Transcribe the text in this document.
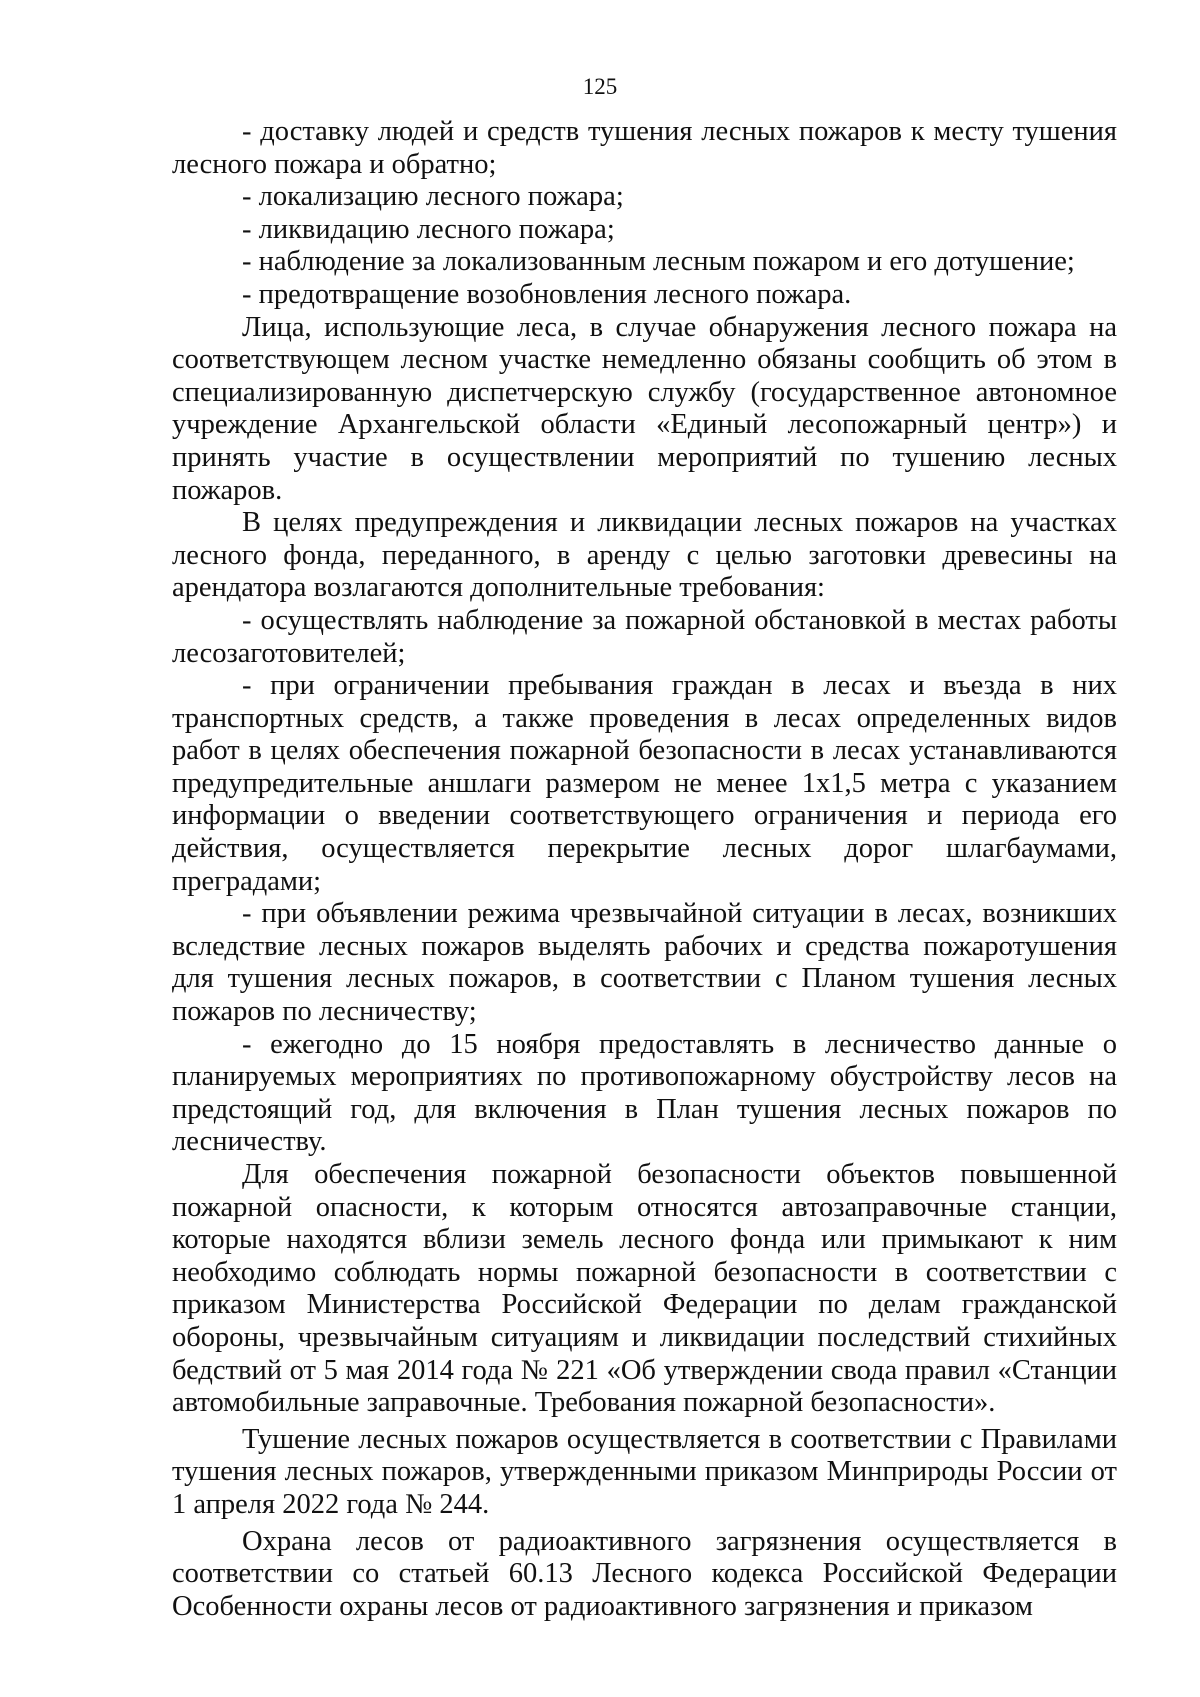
125

- доставку людей и средств тушения лесных пожаров к месту тушения лесного пожара и обратно;

- локализацию лесного пожара;

- ликвидацию лесного пожара;

- наблюдение за локализованным лесным пожаром и его дотушение;

- предотвращение возобновления лесного пожара.

Лица, использующие леса, в случае обнаружения лесного пожара на соответствующем лесном участке немедленно обязаны сообщить об этом в специализированную диспетчерскую службу (государственное автономное учреждение Архангельской области «Единый лесопожарный центр») и принять участие в осуществлении мероприятий по тушению лесных пожаров.

В целях предупреждения и ликвидации лесных пожаров на участках лесного фонда, переданного, в аренду с целью заготовки древесины на арендатора возлагаются дополнительные требования:

- осуществлять наблюдение за пожарной обстановкой в местах работы лесозаготовителей;

- при ограничении пребывания граждан в лесах и въезда в них транспортных средств, а также проведения в лесах определенных видов работ в целях обеспечения пожарной безопасности в лесах устанавливаются предупредительные аншлаги размером не менее 1х1,5 метра с указанием информации о введении соответствующего ограничения и периода его действия, осуществляется перекрытие лесных дорог шлагбаумами, преградами;

- при объявлении режима чрезвычайной ситуации в лесах, возникших вследствие лесных пожаров выделять рабочих и средства пожаротушения для тушения лесных пожаров, в соответствии с Планом тушения лесных пожаров по лесничеству;

- ежегодно до 15 ноября предоставлять в лесничество данные о планируемых мероприятиях по противопожарному обустройству лесов на предстоящий год, для включения в План тушения лесных пожаров по лесничеству.

Для обеспечения пожарной безопасности объектов повышенной пожарной опасности, к которым относятся автозаправочные станции, которые находятся вблизи земель лесного фонда или примыкают к ним необходимо соблюдать нормы пожарной безопасности в соответствии с приказом Министерства Российской Федерации по делам гражданской обороны, чрезвычайным ситуациям и ликвидации последствий стихийных бедствий от 5 мая 2014 года № 221 «Об утверждении свода правил «Станции автомобильные заправочные. Требования пожарной безопасности».

Тушение лесных пожаров осуществляется в соответствии с Правилами тушения лесных пожаров, утвержденными приказом Минприроды России от 1 апреля 2022 года № 244.

Охрана лесов от радиоактивного загрязнения осуществляется в соответствии со статьей 60.13 Лесного кодекса Российской Федерации Особенности охраны лесов от радиоактивного загрязнения и приказом
